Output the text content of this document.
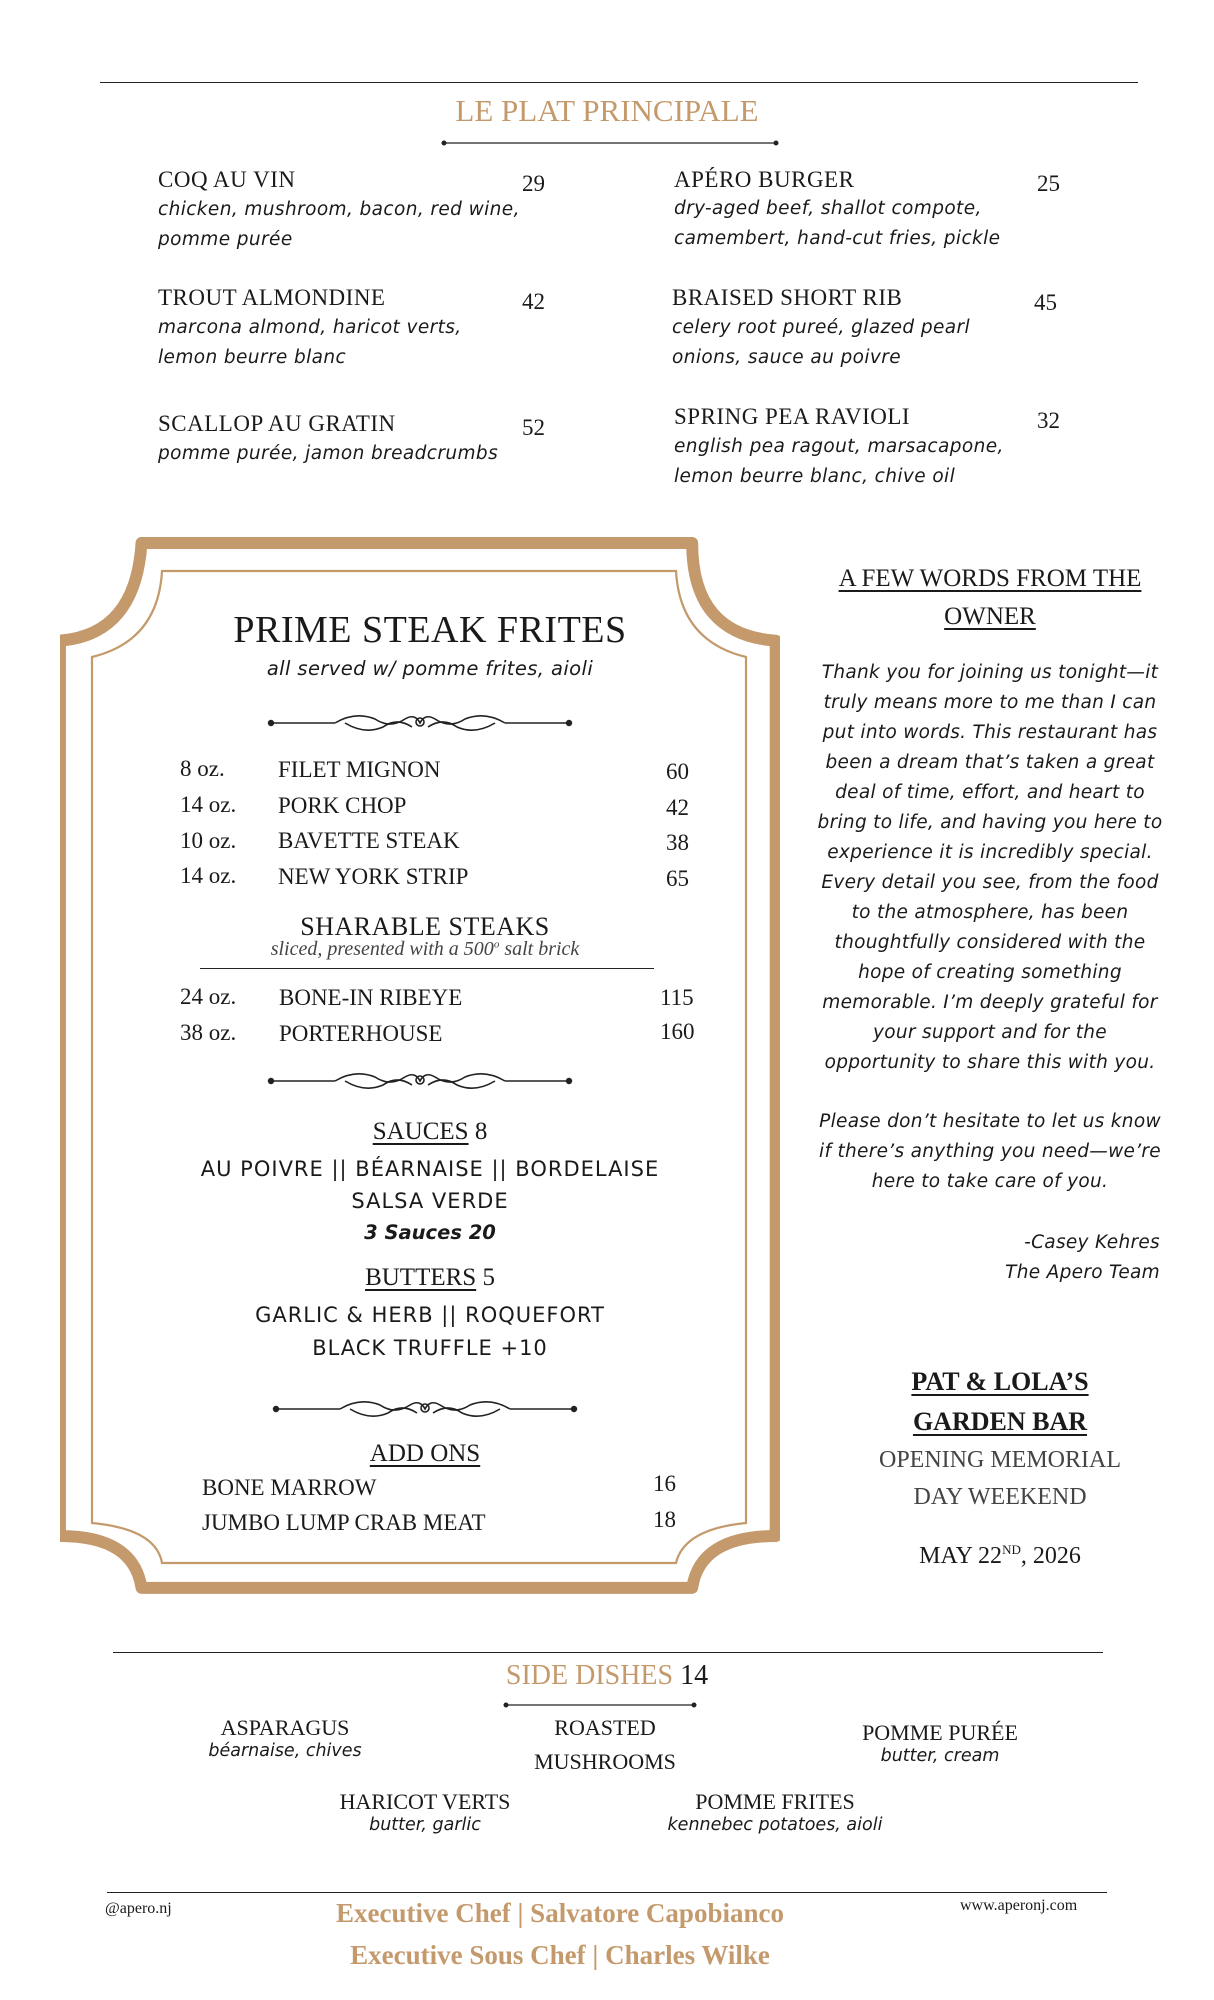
LE PLAT PRINCIPALE
COQ AU VIN	29
chicken, mushroom, bacon, red wine,
pomme purée
TROUT ALMONDINE	42
marcona almond, haricot verts,
lemon beurre blanc
SCALLOP AU GRATIN	52
pomme purée, jamon breadcrumbs
APÉRO BURGER	25
dry-aged beef, shallot compote,
camembert, hand-cut fries, pickle
BRAISED SHORT RIB	45
celery root pureé, glazed pearl
onions, sauce au poivre
SPRING PEA RAVIOLI	32
english pea ragout, marsacapone,
lemon beurre blanc, chive oil
PRIME STEAK FRITES
all served w/ pomme frites, aioli
8 oz. FILET MIGNON	60
14 oz. PORK CHOP	42
10 oz. BAVETTE STEAK	38
14 oz. NEW YORK STRIP	65
SHARABLE STEAKS
sliced, presented with a 500$^o$ salt brick
24 oz. BONE-IN RIBEYE	115
38 oz. PORTERHOUSE	160
SAUCES 8
AU POIVRE || BÉARNAISE || BORDELAISE
SALSA VERDE
3 Sauces 20
BUTTERS 5
GARLIC & HERB || ROQUEFORT
BLACK TRUFFLE +10
ADD ONS
BONE MARROW	16
JUMBO LUMP CRAB MEAT	18
A FEW WORDS FROM THE
OWNER
Thank you for joining us tonight—it
truly means more to me than I can
put into words. This restaurant has
been a dream that’s taken a great
deal of time, effort, and heart to
bring to life, and having you here to
experience it is incredibly special.
Every detail you see, from the food
to the atmosphere, has been
thoughtfully considered with the
hope of creating something
memorable. I’m deeply grateful for
your support and for the
opportunity to share this with you.
Please don’t hesitate to let us know
if there’s anything you need—we’re
here to take care of you.
-Casey Kehres
The Apero Team
PAT & LOLA’S
GARDEN BAR
OPENING MEMORIAL
DAY WEEKEND
MAY 22ND, 2026
SIDE DISHES 14
ASPARAGUS
béarnaise, chives
ROASTED
MUSHROOMS
POMME PURÉE
butter, cream
HARICOT VERTS
butter, garlic
POMME FRITES
kennebec potatoes, aioli
@apero.nj	www.aperonj.com
Executive Chef | Salvatore Capobianco
Executive Sous Chef | Charles Wilke
